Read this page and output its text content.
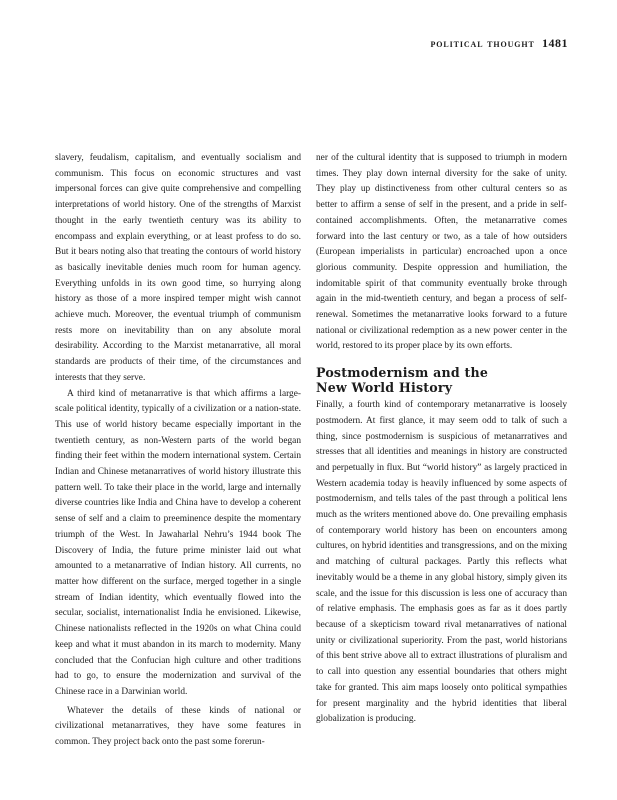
political thought 1481

slavery, feudalism, capitalism, and eventually socialism and communism. This focus on economic structures and vast impersonal forces can give quite comprehensive and compelling interpretations of world history. One of the strengths of Marxist thought in the early twentieth century was its ability to encompass and explain everything, or at least profess to do so. But it bears noting also that treating the contours of world history as basically inevitable denies much room for human agency. Everything unfolds in its own good time, so hurrying along history as those of a more inspired temper might wish cannot achieve much. Moreover, the eventual triumph of communism rests more on inevitability than on any absolute moral desirability. According to the Marxist metanarrative, all moral standards are products of their time, of the circumstances and interests that they serve.

A third kind of metanarrative is that which affirms a large-scale political identity, typically of a civilization or a nation-state. This use of world history became especially important in the twentieth century, as non-Western parts of the world began finding their feet within the modern international system. Certain Indian and Chinese metanarratives of world history illustrate this pattern well. To take their place in the world, large and internally diverse countries like India and China have to develop a coherent sense of self and a claim to preeminence despite the momentary triumph of the West. In Jawaharlal Nehru’s 1944 book The Discovery of India, the future prime minister laid out what amounted to a metanarrative of Indian history. All currents, no matter how different on the surface, merged together in a single stream of Indian identity, which eventually flowed into the secular, socialist, internationalist India he envisioned. Likewise, Chinese nationalists reflected in the 1920s on what China could keep and what it must abandon in its march to modernity. Many concluded that the Confucian high culture and other traditions had to go, to ensure the modernization and survival of the Chinese race in a Darwinian world.

Whatever the details of these kinds of national or civilizational metanarratives, they have some features in common. They project back onto the past some forerun-

ner of the cultural identity that is supposed to triumph in modern times. They play down internal diversity for the sake of unity. They play up distinctiveness from other cultural centers so as better to affirm a sense of self in the present, and a pride in self-contained accomplishments. Often, the metanarrative comes forward into the last century or two, as a tale of how outsiders (European imperialists in particular) encroached upon a once glorious community. Despite oppression and humiliation, the indomitable spirit of that community eventually broke through again in the mid-twentieth century, and began a process of self-renewal. Sometimes the metanarrative looks forward to a future national or civilizational redemption as a new power center in the world, restored to its proper place by its own efforts.

Postmodernism and the
New World History

Finally, a fourth kind of contemporary metanarrative is loosely postmodern. At first glance, it may seem odd to talk of such a thing, since postmodernism is suspicious of metanarratives and stresses that all identities and meanings in history are constructed and perpetually in flux. But “world history” as largely practiced in Western academia today is heavily influenced by some aspects of postmodernism, and tells tales of the past through a political lens much as the writers mentioned above do. One prevailing emphasis of contemporary world history has been on encounters among cultures, on hybrid identities and transgressions, and on the mixing and matching of cultural packages. Partly this reflects what inevitably would be a theme in any global history, simply given its scale, and the issue for this discussion is less one of accuracy than of relative emphasis. The emphasis goes as far as it does partly because of a skepticism toward rival metanarratives of national unity or civilizational superiority. From the past, world historians of this bent strive above all to extract illustrations of pluralism and to call into question any essential boundaries that others might take for granted. This aim maps loosely onto political sympathies for present marginality and the hybrid identities that liberal globalization is producing.
